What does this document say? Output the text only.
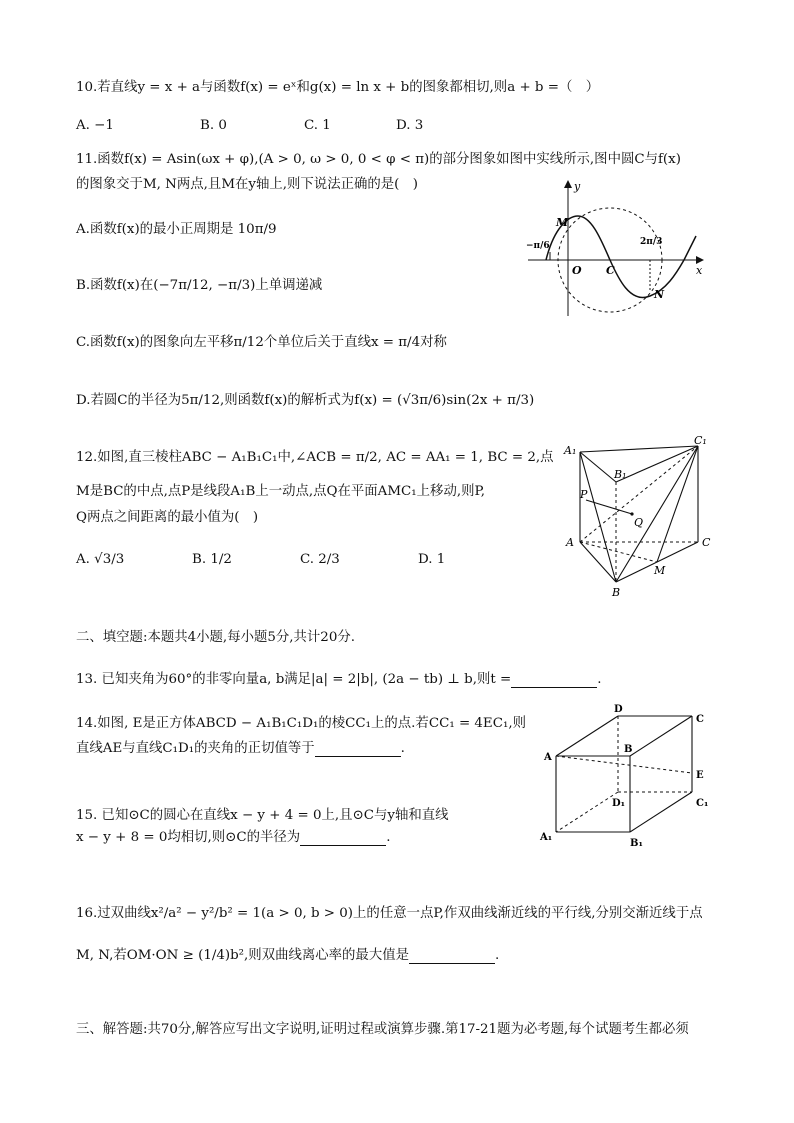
10.若直线y = x + a与函数f(x) = eˣ和g(x) = ln x + b的图象都相切,则a + b =（　）
A. −1	B. 0	C. 1	D. 3
11.函数f(x) = Asin(ωx + φ),(A > 0, ω > 0, 0 < φ < π)的部分图象如图中实线所示,图中圆C与f(x)
的图象交于M, N两点,且M在y轴上,则下说法正确的是(　)
A.函数f(x)的最小正周期是 10π/9
B.函数f(x)在(−7π/12, −π/3)上单调递减
C.函数f(x)的图象向左平移π/12个单位后关于直线x = π/4对称
D.若圆C的半径为5π/12,则函数f(x)的解析式为f(x) = (√3π/6)sin(2x + π/3)
y
x
M
O C
N
−π/6	2π/3
12.如图,直三棱柱ABC − A₁B₁C₁中,∠ACB = π/2, AC = AA₁ = 1, BC = 2,点
M是BC的中点,点P是线段A₁B上一动点,点Q在平面AMC₁上移动,则P,
Q两点之间距离的最小值为(　)
A. √3/3	B. 1/2	C. 2/3	D. 1
A₁
C₁
B₁
P
Q
A	C
M
B
二、填空题:本题共4小题,每小题5分,共计20分.
13. 已知夹角为60°的非零向量a, b满足|a| = 2|b|, (2a − tb) ⊥ b,则t =	.
14.如图, E是正方体ABCD − A₁B₁C₁D₁的棱CC₁上的点.若CC₁ = 4EC₁,则
直线AE与直线C₁D₁的夹角的正切值等于	.
D
C
A
B
E
D₁	C₁
A₁
B₁
15. 已知⊙C的圆心在直线x − y + 4 = 0上,且⊙C与y轴和直线
x − y + 8 = 0均相切,则⊙C的半径为	.
16.过双曲线x²/a² − y²/b² = 1(a > 0, b > 0)上的任意一点P,作双曲线渐近线的平行线,分别交渐近线于点
M, N,若OM·ON ≥ (1/4)b²,则双曲线离心率的最大值是	.
三、解答题:共70分,解答应写出文字说明,证明过程或演算步骤.第17-21题为必考题,每个试题考生都必须
